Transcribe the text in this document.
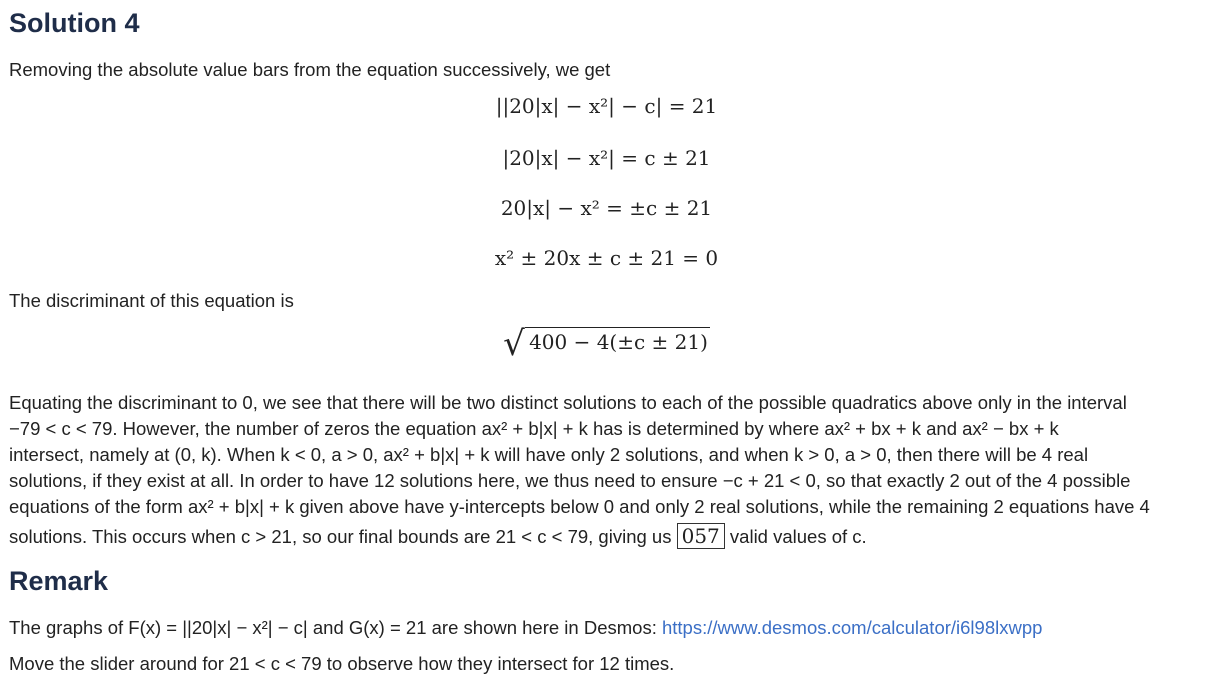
Solution 4

Removing the absolute value bars from the equation successively, we get

||20|x| − x²| − c| = 21
|20|x| − x²| = c ± 21
20|x| − x² = ±c ± 21
x² ± 20x ± c ± 21 = 0

The discriminant of this equation is

√ 400 − 4(±c ± 21)

Equating the discriminant to 0, we see that there will be two distinct solutions to each of the possible quadratics above only in the interval

−79 < c < 79. However, the number of zeros the equation ax² + b|x| + k has is determined by where ax² + bx + k and ax² − bx + k

intersect, namely at (0, k). When k < 0, a > 0, ax² + b|x| + k will have only 2 solutions, and when k > 0, a > 0, then there will be 4 real

solutions, if they exist at all. In order to have 12 solutions here, we thus need to ensure −c + 21 < 0, so that exactly 2 out of the 4 possible

equations of the form ax² + b|x| + k given above have y-intercepts below 0 and only 2 real solutions, while the remaining 2 equations have 4

solutions. This occurs when c > 21, so our final bounds are 21 < c < 79, giving us 057 valid values of c.

Remark

The graphs of F(x) = ||20|x| − x²| − c| and G(x) = 21 are shown here in Desmos: https://www.desmos.com/calculator/i6l98lxwpp

Move the slider around for 21 < c < 79 to observe how they intersect for 12 times.
